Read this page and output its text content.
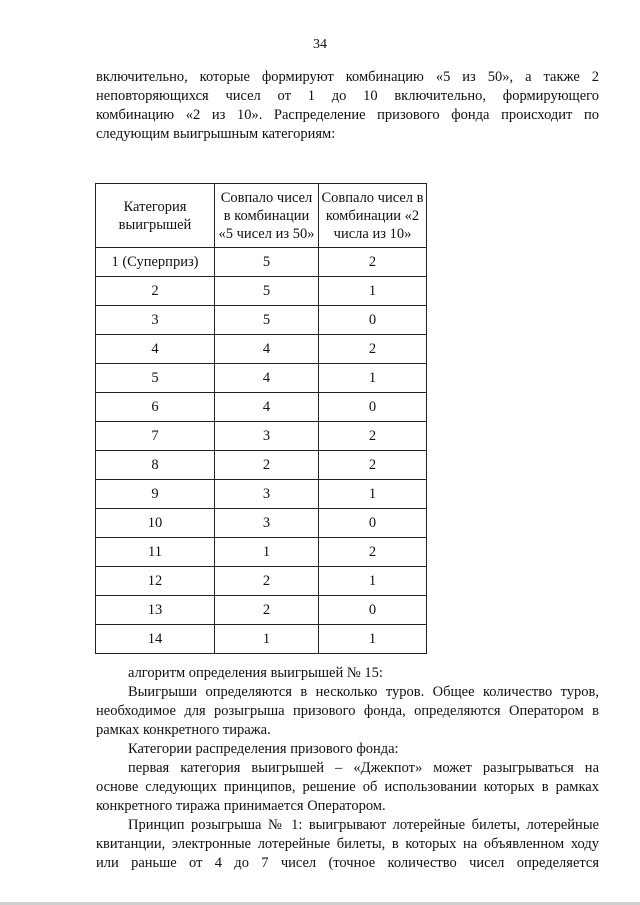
34
включительно, которые формируют комбинацию «5 из 50», а также 2
неповторяющихся чисел от 1 до 10 включительно, формирующего
комбинацию «2 из 10». Распределение призового фонда происходит по
следующим выигрышным категориям:
Категория выигрышей	Совпало чисел в комбинации «5 чисел из 50»	Совпало чисел в комбинации «2 числа из 10»
1 (Суперприз)	5	2
2	5	1
3	5	0
4	4	2
5	4	1
6	4	0
7	3	2
8	2	2
9	3	1
10	3	0
11	1	2
12	2	1
13	2	0
14	1	1
алгоритм определения выигрышей № 15:
Выигрыши определяются в несколько туров. Общее количество туров,
необходимое для розыгрыша призового фонда, определяются Оператором в
рамках конкретного тиража.
Категории распределения призового фонда:
первая категория выигрышей – «Джекпот» может разыгрываться на
основе следующих принципов, решение об использовании которых в рамках
конкретного тиража принимается Оператором.
Принцип розыгрыша № 1: выигрывают лотерейные билеты, лотерейные
квитанции, электронные лотерейные билеты, в которых на объявленном ходу
или раньше от 4 до 7 чисел (точное количество чисел определяется
